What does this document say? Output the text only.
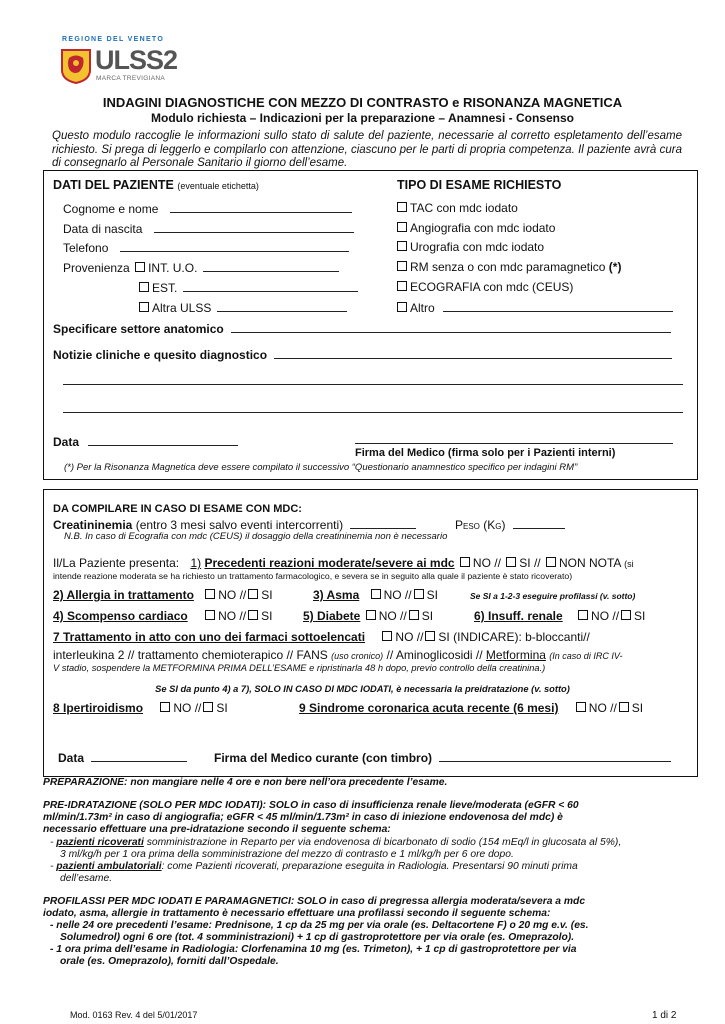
REGIONE DEL VENETO
ULSS2
MARCA TREVIGIANA
INDAGINI DIAGNOSTICHE CON MEZZO DI CONTRASTO e RISONANZA MAGNETICA
Modulo richiesta – Indicazioni per la preparazione – Anamnesi - Consenso
Questo modulo raccoglie le informazioni sullo stato di salute del paziente, necessarie al corretto espletamento dell’esame richiesto. Si prega di leggerlo e compilarlo con attenzione, ciascuno per le parti di propria competenza. Il paziente avrà cura di consegnarlo al Personale Sanitario il giorno dell’esame.
DATI DEL PAZIENTE (eventuale etichetta)	TIPO DI ESAME RICHIESTO
Cognome e nome
Data di nascita
Telefono
Provenienza INT. U.O.
EST.
Altra ULSS
TAC con mdc iodato
Angiografia con mdc iodato
Urografia con mdc iodato
RM senza o con mdc paramagnetico (*)
ECOGRAFIA con mdc (CEUS)
Altro
Specificare settore anatomico
Notizie cliniche e quesito diagnostico
Data
Firma del Medico (firma solo per i Pazienti interni)
(*) Per la Risonanza Magnetica deve essere compilato il successivo “Questionario anamnestico specifico per indagini RM”
DA COMPILARE IN CASO DI ESAME CON MDC:
Creatininemia (entro 3 mesi salvo eventi intercorrenti)	Peso (Kg)
N.B. In caso di Ecografia con mdc (CEUS) il dosaggio della creatininemia non è necessario
Il/La Paziente presenta: 1) Precedenti reazioni moderate/severe ai mdc NO // SI // NON NOTA (si
intende reazione moderata se ha richiesto un trattamento farmacologico, e severa se in seguito alla quale il paziente è stato ricoverato)
2) Allergia in trattamento NO // SI	3) Asma NO // SI	Se SI a 1-2-3 eseguire profilassi (v. sotto)
4) Scompenso cardiaco	NO // SI	5) Diabete NO // SI	6) Insuff. renale NO // SI
7 Trattamento in atto con uno dei farmaci sottoelencati	NO // SI (INDICARE): b-bloccanti//
interleukina 2 // trattamento chemioterapico // FANS (uso cronico) // Aminoglicosidi // Metformina (In caso di IRC IV-
V stadio, sospendere la METFORMINA PRIMA DELL’ESAME e ripristinarla 48 h dopo, previo controllo della creatinina.)
Se SI da punto 4) a 7), SOLO IN CASO DI MDC IODATI, è necessaria la preidratazione (v. sotto)
8 Ipertiroidismo	NO // SI	9 Sindrome coronarica acuta recente (6 mesi)	NO // SI
Data	Firma del Medico curante (con timbro)
PREPARAZIONE: non mangiare nelle 4 ore e non bere nell’ora precedente l’esame.
PRE-IDRATAZIONE (SOLO PER MDC IODATI): SOLO in caso di insufficienza renale lieve/moderata (eGFR < 60
ml/min/1.73m² in caso di angiografia; eGFR < 45 ml/min/1.73m² in caso di iniezione endovenosa del mdc) è
necessario effettuare una pre-idratazione secondo il seguente schema:
- pazienti ricoverati somministrazione in Reparto per via endovenosa di bicarbonato di sodio (154 mEq/l in glucosata al 5%),
3 ml/kg/h per 1 ora prima della somministrazione del mezzo di contrasto e 1 ml/kg/h per 6 ore dopo.
- pazienti ambulatoriali: come Pazienti ricoverati, preparazione eseguita in Radiologia. Presentarsi 90 minuti prima
dell’esame.
PROFILASSI PER MDC IODATI E PARAMAGNETICI: SOLO in caso di pregressa allergia moderata/severa a mdc
iodato, asma, allergie in trattamento è necessario effettuare una profilassi secondo il seguente schema:
- nelle 24 ore precedenti l’esame: Prednisone, 1 cp da 25 mg per via orale (es. Deltacortene F) o 20 mg e.v. (es.
Solumedrol) ogni 6 ore (tot. 4 somministrazioni) + 1 cp di gastroprotettore per via orale (es. Omeprazolo).
- 1 ora prima dell’esame in Radiologia: Clorfenamina 10 mg (es. Trimeton), + 1 cp di gastroprotettore per via
orale (es. Omeprazolo), forniti dall’Ospedale.
Mod. 0163 Rev. 4 del 5/01/2017	1 di 2
